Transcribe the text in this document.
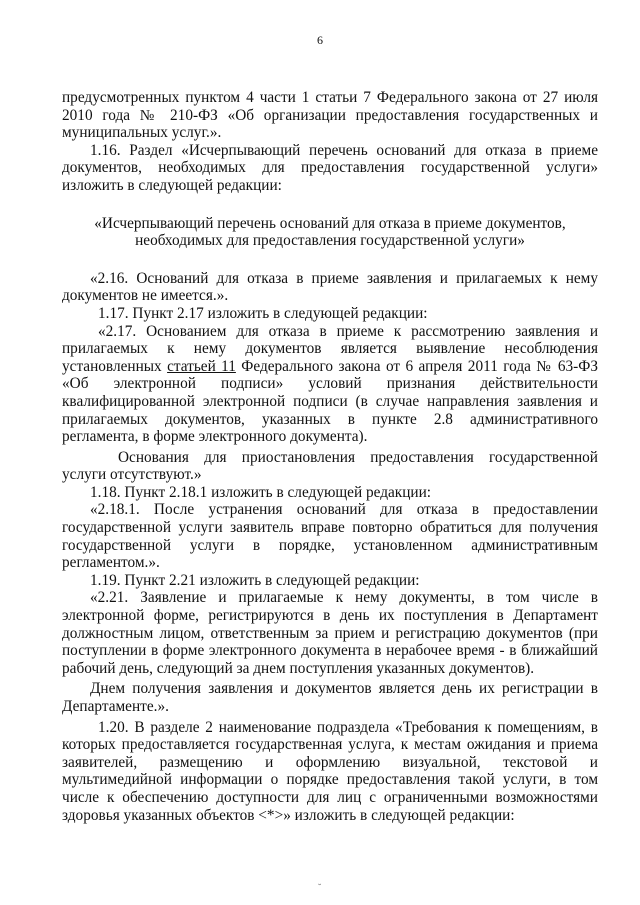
6

предусмотренных пунктом 4 части 1 статьи 7 Федерального закона от 27 июля 2010 года № 210-ФЗ «Об организации предоставления государственных и муниципальных услуг.».

1.16. Раздел «Исчерпывающий перечень оснований для отказа в приеме документов, необходимых для предоставления государственной услуги» изложить в следующей редакции:

«Исчерпывающий перечень оснований для отказа в приеме документов, необходимых для предоставления государственной услуги»

«2.16. Оснований для отказа в приеме заявления и прилагаемых к нему документов не имеется.».

1.17. Пункт 2.17 изложить в следующей редакции:

«2.17. Основанием для отказа в приеме к рассмотрению заявления и прилагаемых к нему документов является выявление несоблюдения установленных статьей 11 Федерального закона от 6 апреля 2011 года № 63-ФЗ «Об электронной подписи» условий признания действительности квалифицированной электронной подписи (в случае направления заявления и прилагаемых документов, указанных в пункте 2.8 административного регламента, в форме электронного документа).

Основания для приостановления предоставления государственной услуги отсутствуют.»

1.18. Пункт 2.18.1 изложить в следующей редакции:

«2.18.1. После устранения оснований для отказа в предоставлении государственной услуги заявитель вправе повторно обратиться для получения государственной услуги в порядке, установленном административным регламентом.».

1.19. Пункт 2.21 изложить в следующей редакции:

«2.21. Заявление и прилагаемые к нему документы, в том числе в электронной форме, регистрируются в день их поступления в Департамент должностным лицом, ответственным за прием и регистрацию документов (при поступлении в форме электронного документа в нерабочее время - в ближайший рабочий день, следующий за днем поступления указанных документов).

Днем получения заявления и документов является день их регистрации в Департаменте.».

1.20. В разделе 2 наименование подраздела «Требования к помещениям, в которых предоставляется государственная услуга, к местам ожидания и приема заявителей, размещению и оформлению визуальной, текстовой и мультимедийной информации о порядке предоставления такой услуги, в том числе к обеспечению доступности для лиц с ограниченными возможностями здоровья указанных объектов <*>» изложить в следующей редакции:

˘
